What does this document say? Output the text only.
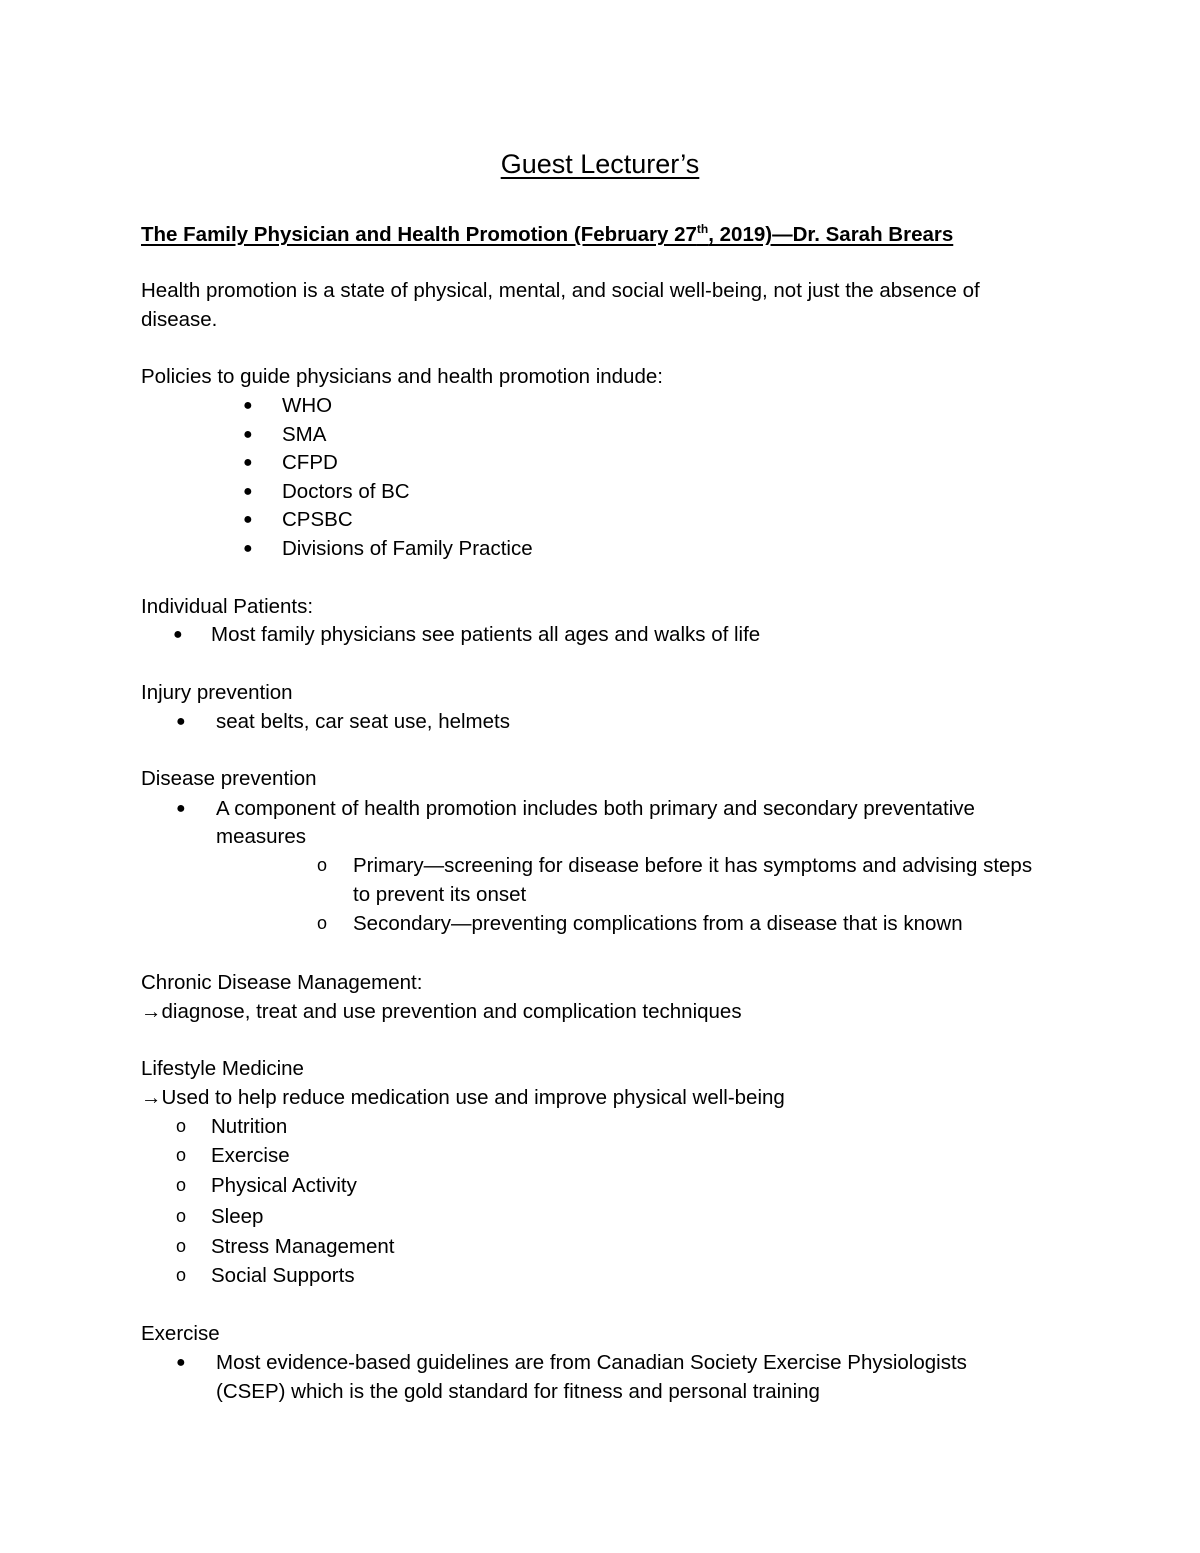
Guest Lecturer’s
The Family Physician and Health Promotion (February 27th, 2019)—Dr. Sarah Brears
Health promotion is a state of physical, mental, and social well-being, not just the absence of
disease.
Policies to guide physicians and health promotion indude:
● WHO
● SMA
● CFPD
● Doctors of BC
● CPSBC
● Divisions of Family Practice
Individual Patients:
● Most family physicians see patients all ages and walks of life
Injury prevention
● seat belts, car seat use, helmets
Disease prevention
● A component of health promotion includes both primary and secondary preventative
measures
o Primary—screening for disease before it has symptoms and advising steps
to prevent its onset
o Secondary—preventing complications from a disease that is known
Chronic Disease Management:
→diagnose, treat and use prevention and complication techniques
Lifestyle Medicine
→Used to help reduce medication use and improve physical well-being
o Nutrition
o Exercise
o Physical Activity
o Sleep
o Stress Management
o Social Supports
Exercise
● Most evidence-based guidelines are from Canadian Society Exercise Physiologists
(CSEP) which is the gold standard for fitness and personal training
